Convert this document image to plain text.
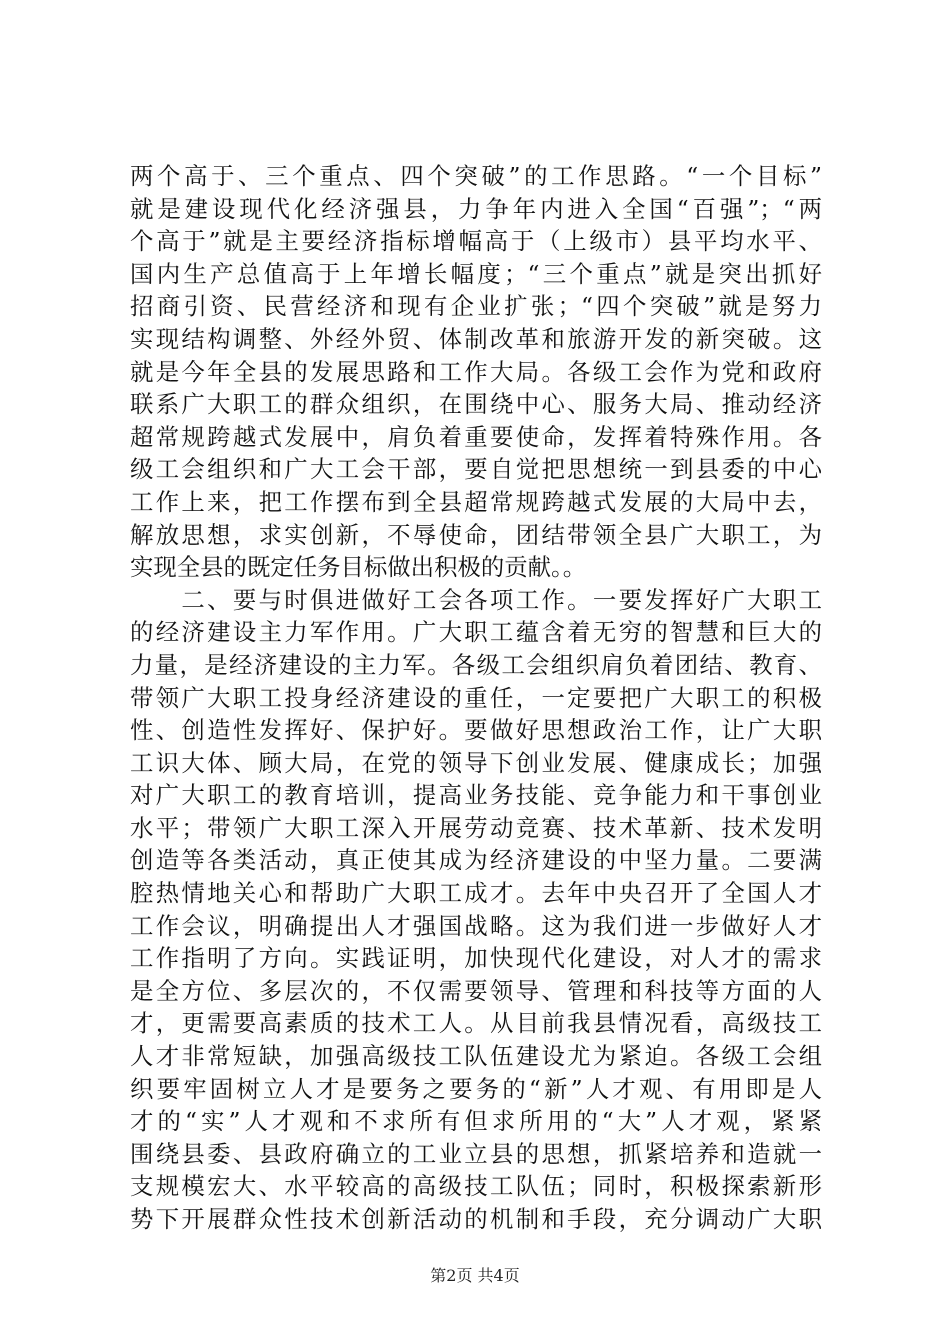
两个高于、三个重点、四个突破”的工作思路。“一个目标”
就是建设现代化经济强县，力争年内进入全国“百强”；“两
个高于”就是主要经济指标增幅高于（上级市）县平均水平、
国内生产总值高于上年增长幅度；“三个重点”就是突出抓好
招商引资、民营经济和现有企业扩张；“四个突破”就是努力
实现结构调整、外经外贸、体制改革和旅游开发的新突破。这
就是今年全县的发展思路和工作大局。各级工会作为党和政府
联系广大职工的群众组织，在围绕中心、服务大局、推动经济
超常规跨越式发展中，肩负着重要使命，发挥着特殊作用。各
级工会组织和广大工会干部，要自觉把思想统一到县委的中心
工作上来，把工作摆布到全县超常规跨越式发展的大局中去，
解放思想，求实创新，不辱使命，团结带领全县广大职工，为
实现全县的既定任务目标做出积极的贡献。。
　　二、要与时俱进做好工会各项工作。一要发挥好广大职工
的经济建设主力军作用。广大职工蕴含着无穷的智慧和巨大的
力量，是经济建设的主力军。各级工会组织肩负着团结、教育、
带领广大职工投身经济建设的重任，一定要把广大职工的积极
性、创造性发挥好、保护好。要做好思想政治工作，让广大职
工识大体、顾大局，在党的领导下创业发展、健康成长；加强
对广大职工的教育培训，提高业务技能、竞争能力和干事创业
水平；带领广大职工深入开展劳动竞赛、技术革新、技术发明
创造等各类活动，真正使其成为经济建设的中坚力量。二要满
腔热情地关心和帮助广大职工成才。去年中央召开了全国人才
工作会议，明确提出人才强国战略。这为我们进一步做好人才
工作指明了方向。实践证明，加快现代化建设，对人才的需求
是全方位、多层次的，不仅需要领导、管理和科技等方面的人
才，更需要高素质的技术工人。从目前我县情况看，高级技工
人才非常短缺，加强高级技工队伍建设尤为紧迫。各级工会组
织要牢固树立人才是要务之要务的“新”人才观、有用即是人
才的“实”人才观和不求所有但求所用的“大”人才观，紧紧
围绕县委、县政府确立的工业立县的思想，抓紧培养和造就一
支规模宏大、水平较高的高级技工队伍；同时，积极探索新形
势下开展群众性技术创新活动的机制和手段，充分调动广大职
第2页 共4页
